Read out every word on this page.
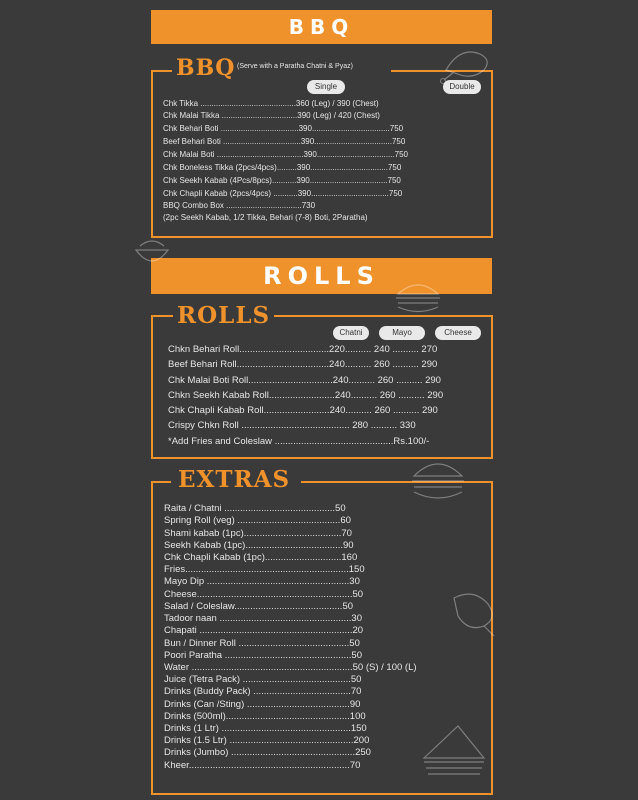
BBQ
BBQ (Serve with a Paratha Chatni & Pyaz)
Single	Double
Chk Tikka ...........................................360 (Leg) / 390 (Chest)
Chk Malai Tikka ..................................390 (Leg) / 420 (Chest)
Chk Behari Boti ...................................390...................................750
Beef Behari Boti ...................................390...................................750
Chk Malai Boti .......................................390...................................750
Chk Boneless Tikka (2pcs/4pcs).........390...................................750
Chk Seekh Kabab (4Pcs/8pcs)...........390...................................750
Chk Chapli Kabab (2pcs/4pcs) ...........390...................................750
BBQ Combo Box ..................................730
(2pc Seekh Kabab, 1/2 Tikka, Behari (7-8) Boti, 2Paratha)
ROLLS
ROLLS
Chatni	Mayo	Cheese
Chkn Behari Roll..................................220.......... 240 .......... 270
Beef Behari Roll...................................240.......... 260 .......... 290
Chk Malai Boti Roll................................240.......... 260 .......... 290
Chkn Seekh Kabab Roll.........................240.......... 260 .......... 290
Chk Chapli Kabab Roll.........................240.......... 260 .......... 290
Crispy Chkn Roll ......................................... 280 .......... 330
*Add Fries and Coleslaw .............................................Rs.100/-
EXTRAS
Raita / Chatni ..........................................50
Spring Roll (veg) .......................................60
Shami kabab (1pc).....................................70
Seekh Kabab (1pc).....................................90
Chk Chapli Kabab (1pc).............................160
Fries..............................................................150
Mayo Dip ......................................................30
Cheese...........................................................50
Salad / Coleslaw.........................................50
Tadoor naan ..................................................30
Chapati ..........................................................20
Bun / Dinner Roll ..........................................50
Poori Paratha ................................................50
Water .............................................................50 (S) / 100 (L)
Juice (Tetra Pack) .........................................50
Drinks (Buddy Pack) .....................................70
Drinks (Can /Sting) .......................................90
Drinks (500ml)...............................................100
Drinks (1 Ltr) .................................................150
Drinks (1.5 Ltr) ...............................................200
Drinks (Jumbo) ...............................................250
Kheer.............................................................70
